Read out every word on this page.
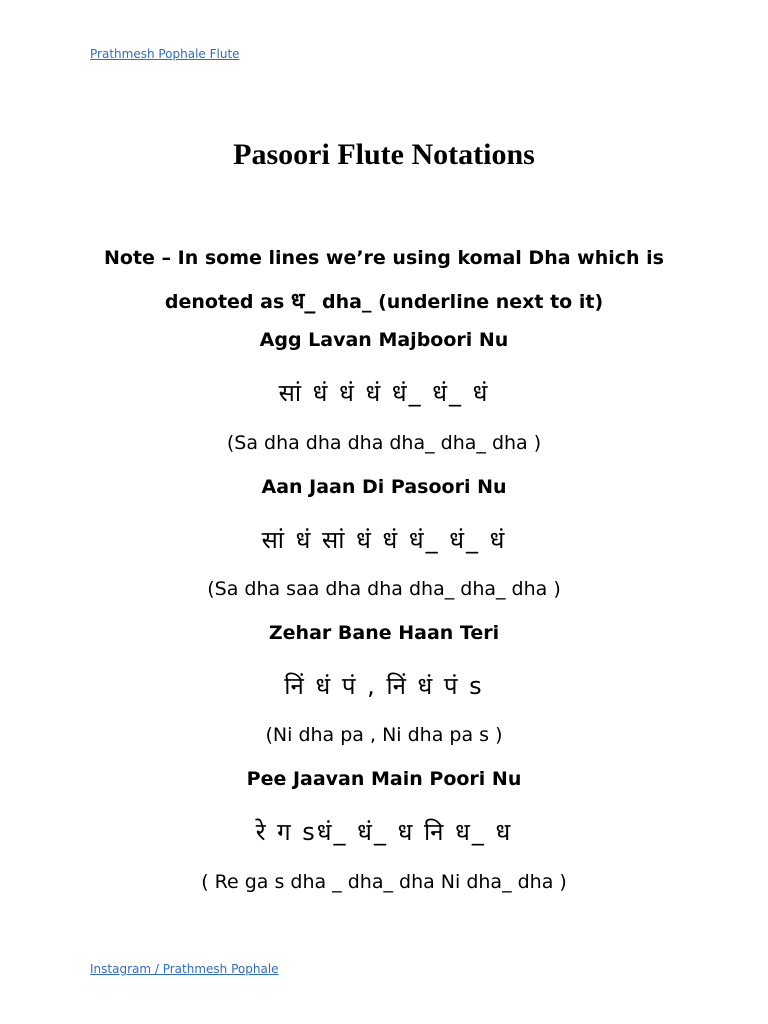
Prathmesh Pophale Flute
Pasoori Flute Notations
Note – In some lines we’re using komal Dha which is denoted as ध_ dha_ (underline next to it)
Agg Lavan Majboori Nu
सां धं धं धं धं_ धं_ धं
(Sa dha dha dha dha_ dha_ dha )
Aan Jaan Di Pasoori Nu
सां धं सां धं धं धं_ धं_ धं
(Sa dha saa dha dha dha_ dha_ dha )
Zehar Bane Haan Teri
निं धं पं , निं धं पं s
(Ni dha pa , Ni dha pa s )
Pee Jaavan Main Poori Nu
रे ग sधं_ धं_ ध नि ध_ ध
( Re ga s dha _ dha_ dha Ni dha_ dha )
Instagram / Prathmesh Pophale
